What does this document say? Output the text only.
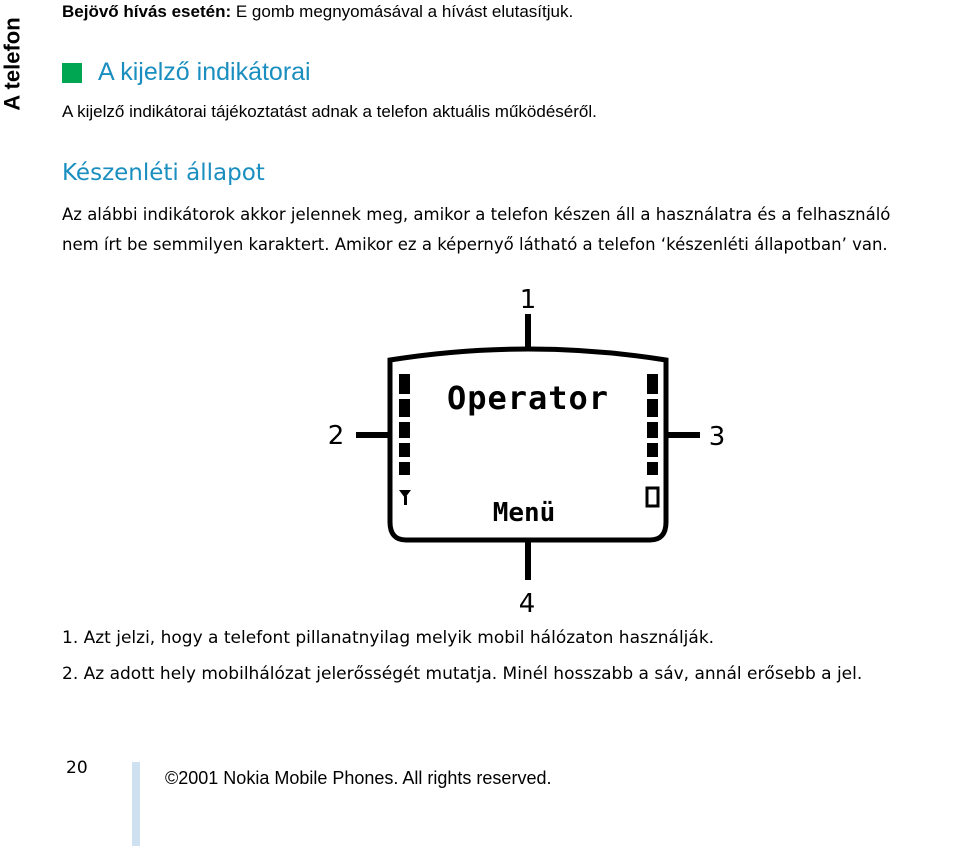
A telefon
Bejövő hívás esetén: E gomb megnyomásával a hívást elutasítjuk.
A kijelző indikátorai
A kijelző indikátorai tájékoztatást adnak a telefon aktuális működéséről.
Készenléti állapot

Az alábbi indikátorok akkor jelennek meg, amikor a telefon készen áll a használatra és a felhasználó

nem írt be semmilyen karaktert. Amikor ez a képernyő látható a telefon ‘készenléti állapotban’ van.

1
2	3
4
Operator
Menü

1. Azt jelzi, hogy a telefont pillanatnyilag melyik mobil hálózaton használják.

2. Az adott hely mobilhálózat jelerősségét mutatja. Minél hosszabb a sáv, annál erősebb a jel.

20	©2001 Nokia Mobile Phones. All rights reserved.
